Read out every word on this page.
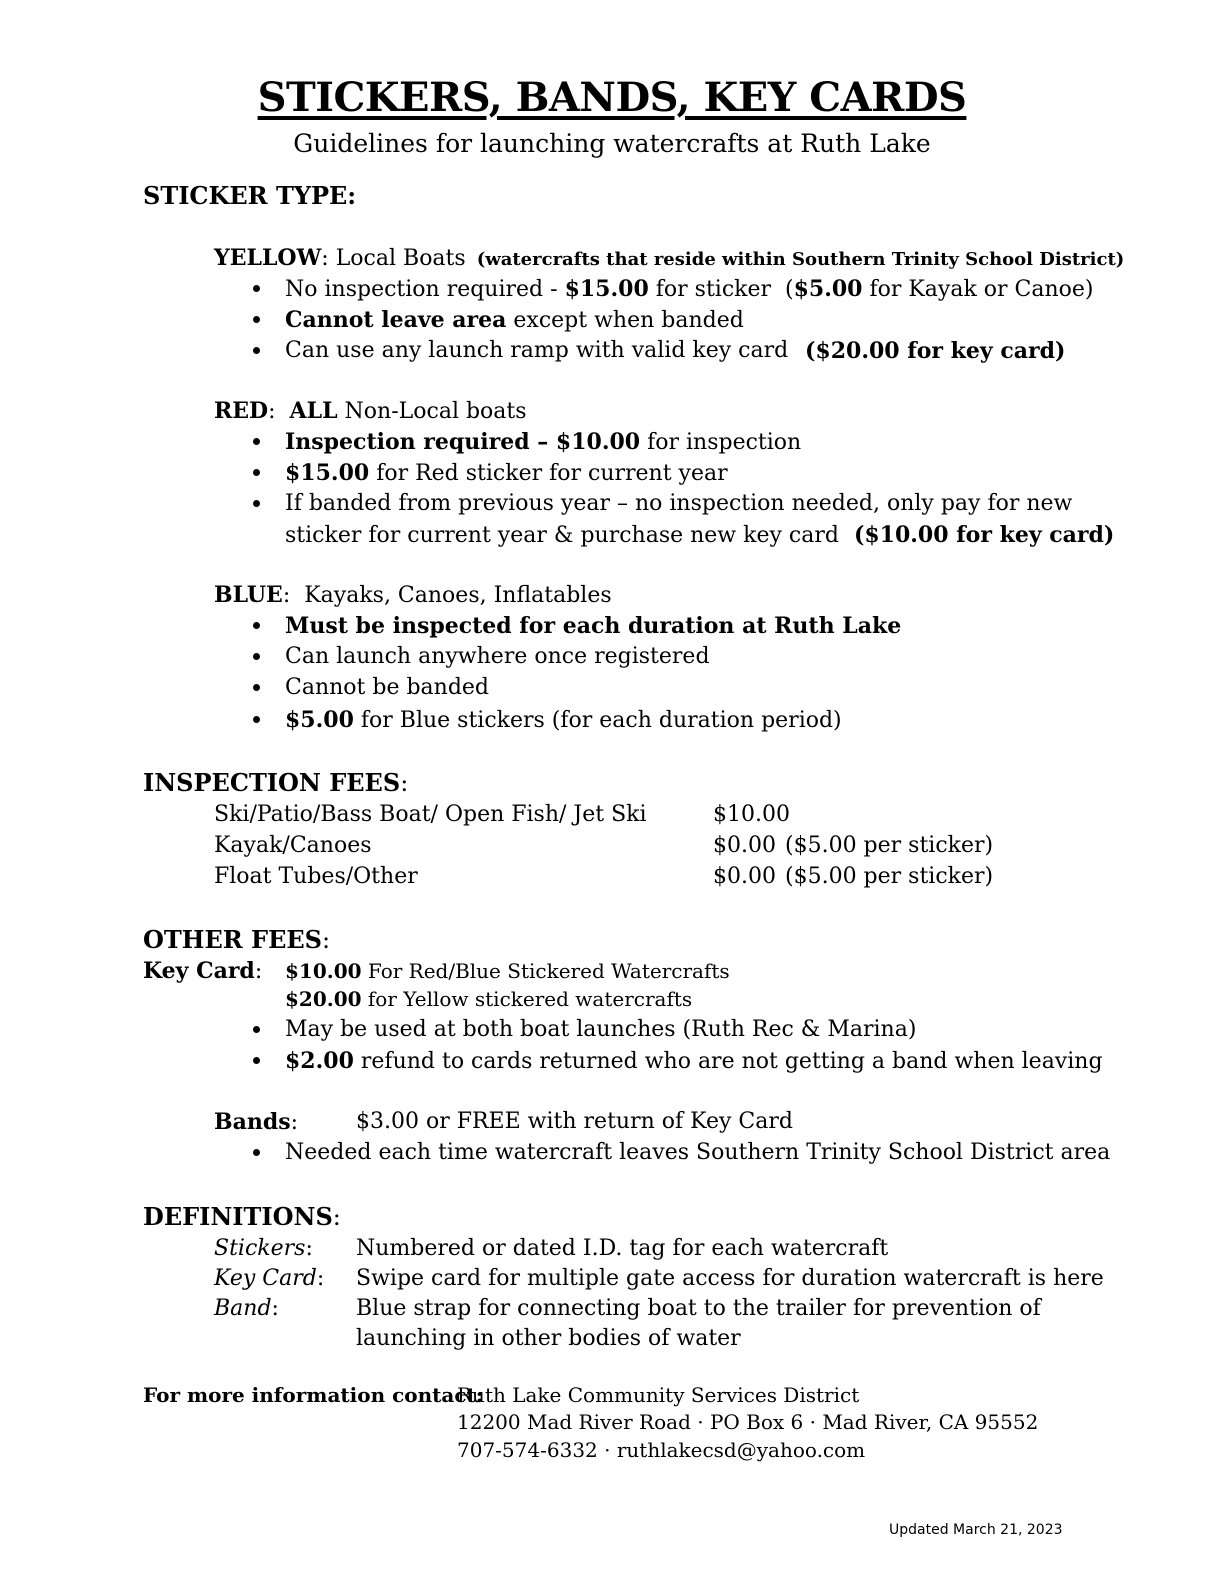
STICKERS, BANDS, KEY CARDS
Guidelines for launching watercrafts at Ruth Lake
STICKER TYPE:
YELLOW: Local Boats (watercrafts that reside within Southern Trinity School District)
No inspection required - $15.00 for sticker ($5.00 for Kayak or Canoe)
Cannot leave area except when banded
Can use any launch ramp with valid key card ($20.00 for key card)
RED:  ALL Non-Local boats
Inspection required – $10.00 for inspection
$15.00 for Red sticker for current year
If banded from previous year – no inspection needed, only pay for new
sticker for current year & purchase new key card ($10.00 for key card)
BLUE:  Kayaks, Canoes, Inflatables
Must be inspected for each duration at Ruth Lake
Can launch anywhere once registered
Cannot be banded
$5.00 for Blue stickers (for each duration period)
INSPECTION FEES:
Ski/Patio/Bass Boat/ Open Fish/ Jet Ski	$10.00
Kayak/Canoes	$0.00 ($5.00 per sticker)
Float Tubes/Other	$0.00 ($5.00 per sticker)
OTHER FEES:
Key Card: $10.00 For Red/Blue Stickered Watercrafts
$20.00 for Yellow stickered watercrafts
May be used at both boat launches (Ruth Rec & Marina)
$2.00 refund to cards returned who are not getting a band when leaving
Bands:	$3.00 or FREE with return of Key Card
Needed each time watercraft leaves Southern Trinity School District area
DEFINITIONS:
Stickers: Numbered or dated I.D. tag for each watercraft
Key Card: Swipe card for multiple gate access for duration watercraft is here
Band:	Blue strap for connecting boat to the trailer for prevention of
launching in other bodies of water
For more information contact:
Ruth Lake Community Services District
12200 Mad River Road · PO Box 6 · Mad River, CA 95552
707-574-6332 · ruthlakecsd@yahoo.com
Updated March 21, 2023
